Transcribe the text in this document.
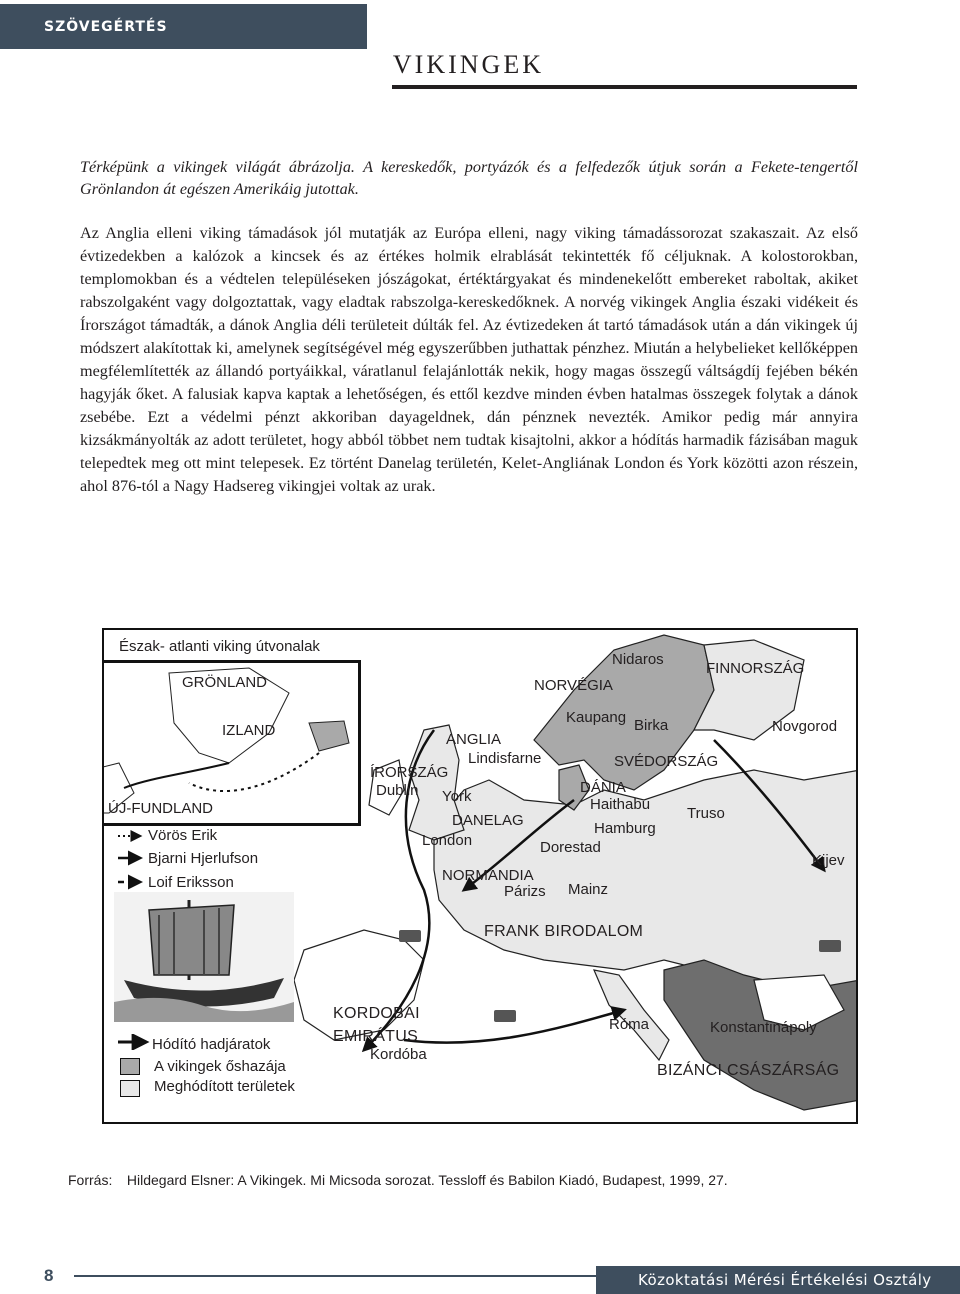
SZÖVEGÉRTÉS
VIKINGEK

Térképünk a vikingek világát ábrázolja. A kereskedők, portyázók és a felfedezők útjuk során a Fekete-tengertől Grönlandon át egészen Amerikáig jutottak.

Az Anglia elleni viking támadások jól mutatják az Európa elleni, nagy viking támadássorozat szakaszait. Az első évtizedekben a kalózok a kincsek és az értékes holmik elrablását tekintették fő céljuknak. A kolostorokban, templomokban és a védtelen településeken jószágokat, értéktárgyakat és mindenekelőtt embereket raboltak, akiket rabszolgaként vagy dolgoztattak, vagy eladtak rabszolga-kereskedőknek. A norvég vikingek Anglia északi vidékeit és Írországot támadták, a dánok Anglia déli területeit dúlták fel. Az évtizedeken át tartó támadások után a dán vikingek új módszert alakítottak ki, amelynek segítségével még egyszerűbben juthattak pénzhez. Miután a helybelieket kellőképpen megfélemlítették az állandó portyáikkal, váratlanul felajánlották nekik, hogy magas összegű váltságdíj fejében békén hagyják őket. A falusiak kapva kaptak a lehetőségen, és ettől kezdve minden évben hatalmas összegek folytak a dánok zsebébe. Ezt a védelmi pénzt akkoriban dayageldnek, dán pénznek nevezték. Amikor pedig már annyira kizsákmányolták az adott területet, hogy abból többet nem tudtak kisajtolni, akkor a hódítás harmadik fázisában maguk telepedtek meg ott mint telepesek. Ez történt Danelag területén, Kelet-Angliának London és York közötti azon részein, ahol 876-tól a Nagy Hadsereg vikingjei voltak az urak.

Észak- atlanti viking útvonalak
GRÖNLAND
IZLAND
ÚJ-FUNDLAND
Nidaros
FINNORSZÁG
NORVÉGIA
Kaupang Birka	Novgorod
ANGLIA
Lindisfarne	SVÉDORSZÁG
ÍRORSZÁG
Dublin York
DÁNIA
Haithabu
Truso
DANELAG	Hamburg
London	Dorestad
Kijev
NORMANDIA
Párizs Mainz
FRANK BIRODALOM
KORDOBAI
EMIRÁTUS
Kordóba
Róma	Konstantinápoly
BIZÁNCI CSÁSZÁRSÁG
Vörös Erik
Bjarni Hjerlufson
Loif Eriksson
Hódító hadjáratok
A vikingek őshazája
Meghódított területek
Forrás: Hildegard Elsner: A Vikingek. Mi Micsoda sorozat. Tessloff és Babilon Kiadó, Budapest, 1999, 27.
8	Közoktatási Mérési Értékelési Osztály
